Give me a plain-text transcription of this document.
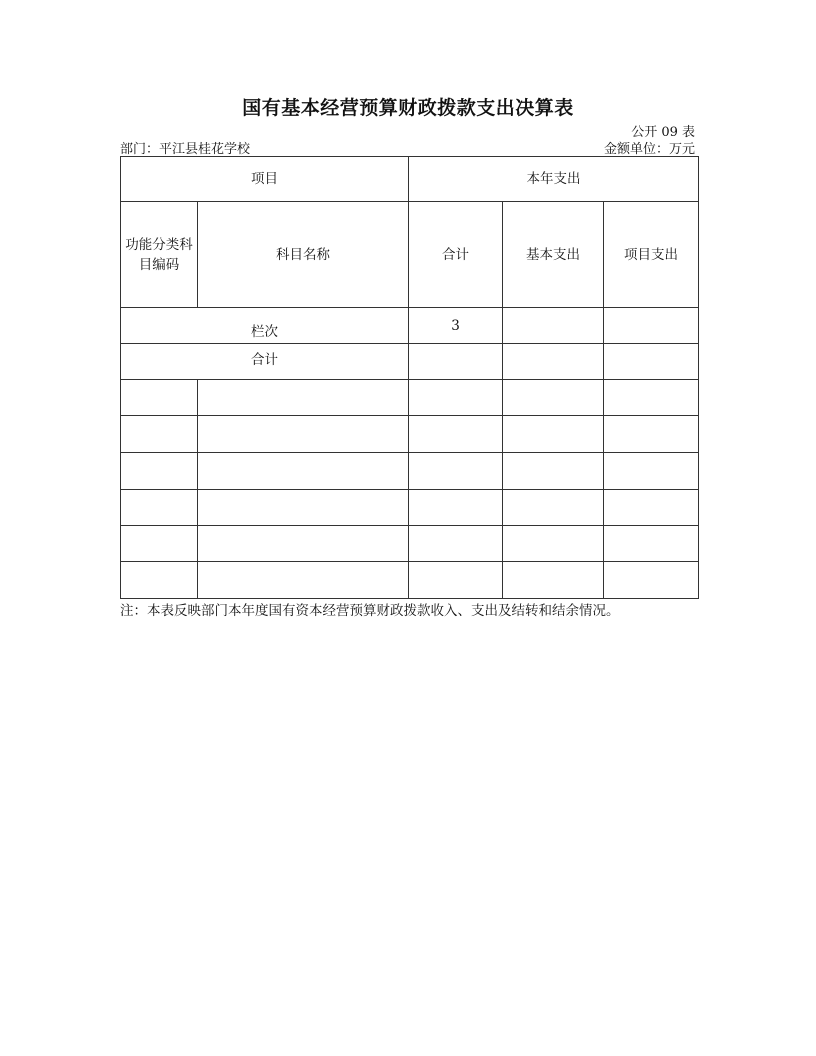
国有基本经营预算财政拨款支出决算表
公开 09 表
部门：平江县桂花学校	金额单位：万元
项目		本年支出		
功能分类科目编码	科目名称	合计	基本支出	项目支出
栏次		3		
合计				

注：本表反映部门本年度国有资本经营预算财政拨款收入、支出及结转和结余情况。
